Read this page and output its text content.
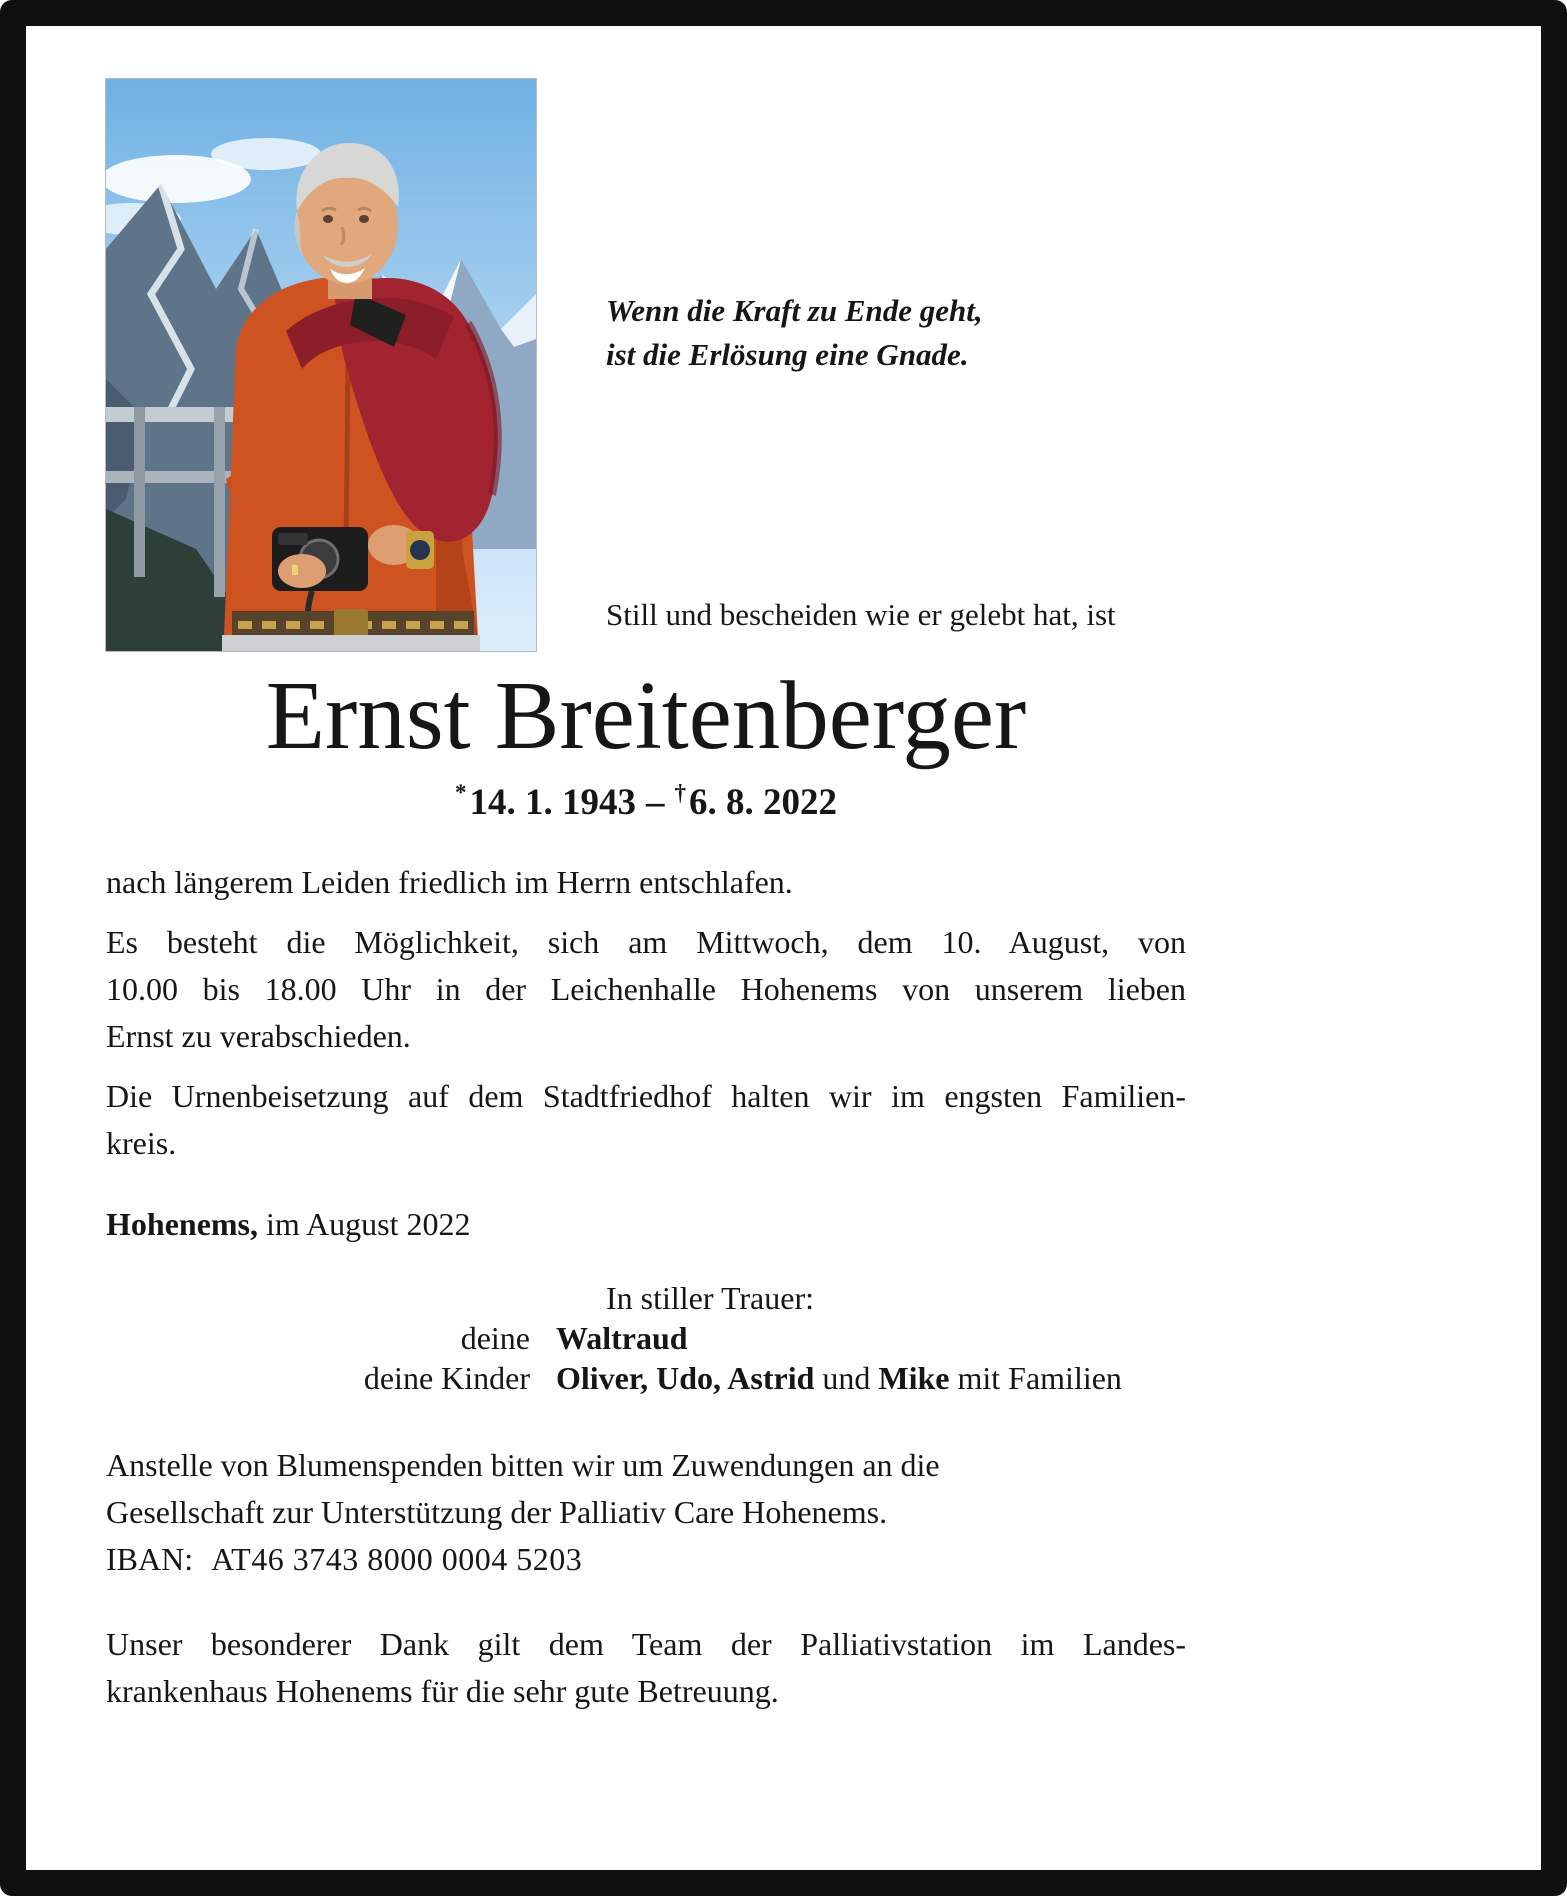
Wenn die Kraft zu Ende geht,
ist die Erlösung eine Gnade.
Still und bescheiden wie er gelebt hat, ist
Ernst Breitenberger
*14. 1. 1943 – †6. 8. 2022

nach längerem Leiden friedlich im Herrn entschlafen.

Es besteht die Möglichkeit, sich am Mittwoch, dem 10. August, von
10.00 bis 18.00 Uhr in der Leichenhalle Hohenems von unserem lieben
Ernst zu verabschieden.
Die Urnenbeisetzung auf dem Stadtfriedhof halten wir im engsten Familien-
kreis.
Hohenems, im August 2022
In stiller Trauer:
deine Waltraud
deine Kinder Oliver, Udo, Astrid und Mike mit Familien
Anstelle von Blumenspenden bitten wir um Zuwendungen an die
Gesellschaft zur Unterstützung der Palliativ Care Hohenems.
IBAN: AT46 3743 8000 0004 5203
Unser besonderer Dank gilt dem Team der Palliativstation im Landes-
krankenhaus Hohenems für die sehr gute Betreuung.
